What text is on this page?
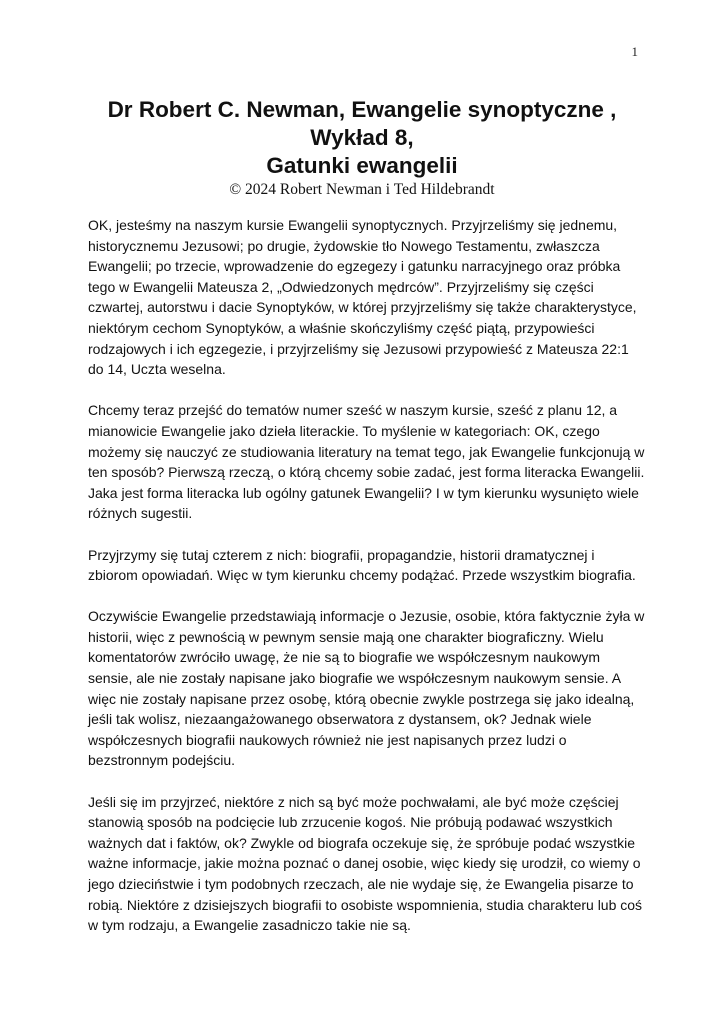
1
Dr Robert C. Newman, Ewangelie synoptyczne ,
Wykład 8,
Gatunki ewangelii
© 2024 Robert Newman i Ted Hildebrandt

OK, jesteśmy na naszym kursie Ewangelii synoptycznych. Przyjrzeliśmy się jednemu, historycznemu Jezusowi; po drugie, żydowskie tło Nowego Testamentu, zwłaszcza Ewangelii; po trzecie, wprowadzenie do egzegezy i gatunku narracyjnego oraz próbka tego w Ewangelii Mateusza 2, „Odwiedzonych mędrców”. Przyjrzeliśmy się części czwartej, autorstwu i dacie Synoptyków, w której przyjrzeliśmy się także charakterystyce, niektórym cechom Synoptyków, a właśnie skończyliśmy część piątą, przypowieści rodzajowych i ich egzegezie, i przyjrzeliśmy się Jezusowi przypowieść z Mateusza 22:1 do 14, Uczta weselna.

Chcemy teraz przejść do tematów numer sześć w naszym kursie, sześć z planu 12, a mianowicie Ewangelie jako dzieła literackie. To myślenie w kategoriach: OK, czego możemy się nauczyć ze studiowania literatury na temat tego, jak Ewangelie funkcjonują w ten sposób? Pierwszą rzeczą, o którą chcemy sobie zadać, jest forma literacka Ewangelii. Jaka jest forma literacka lub ogólny gatunek Ewangelii? I w tym kierunku wysunięto wiele różnych sugestii.

Przyjrzymy się tutaj czterem z nich: biografii, propagandzie, historii dramatycznej i zbiorom opowiadań. Więc w tym kierunku chcemy podążać. Przede wszystkim biografia.

Oczywiście Ewangelie przedstawiają informacje o Jezusie, osobie, która faktycznie żyła w historii, więc z pewnością w pewnym sensie mają one charakter biograficzny. Wielu komentatorów zwróciło uwagę, że nie są to biografie we współczesnym naukowym sensie, ale nie zostały napisane jako biografie we współczesnym naukowym sensie. A więc nie zostały napisane przez osobę, którą obecnie zwykle postrzega się jako idealną, jeśli tak wolisz, niezaangażowanego obserwatora z dystansem, ok? Jednak wiele współczesnych biografii naukowych również nie jest napisanych przez ludzi o bezstronnym podejściu.

Jeśli się im przyjrzeć, niektóre z nich są być może pochwałami, ale być może częściej stanowią sposób na podcięcie lub zrzucenie kogoś. Nie próbują podawać wszystkich ważnych dat i faktów, ok? Zwykle od biografa oczekuje się, że spróbuje podać wszystkie ważne informacje, jakie można poznać o danej osobie, więc kiedy się urodził, co wiemy o jego dzieciństwie i tym podobnych rzeczach, ale nie wydaje się, że Ewangelia pisarze to robią. Niektóre z dzisiejszych biografii to osobiste wspomnienia, studia charakteru lub coś w tym rodzaju, a Ewangelie zasadniczo takie nie są.
